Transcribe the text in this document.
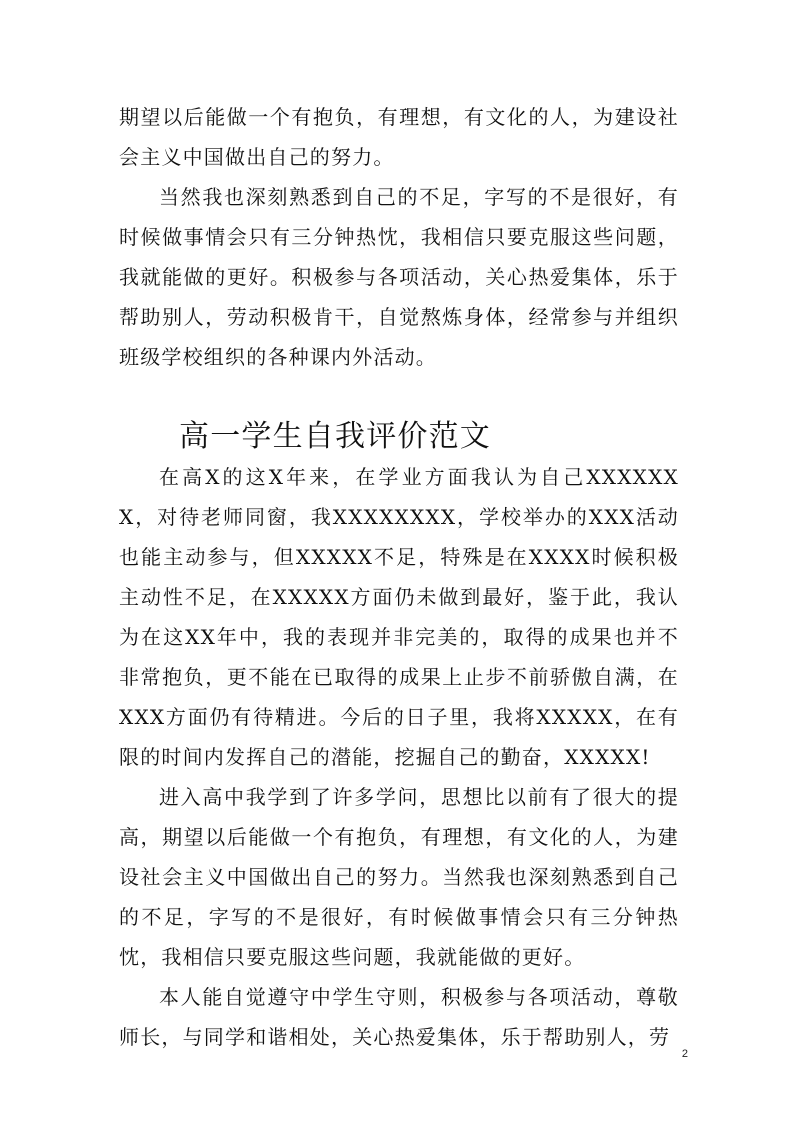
期望以后能做一个有抱负，有理想，有文化的人，为建设社会主义中国做出自己的努力。

当然我也深刻熟悉到自己的不足，字写的不是很好，有时候做事情会只有三分钟热忱，我相信只要克服这些问题，我就能做的更好。积极参与各项活动，关心热爱集体，乐于帮助别人，劳动积极肯干，自觉熬炼身体，经常参与并组织班级学校组织的各种课内外活动。

高一学生自我评价范文

在高X的这X年来，在学业方面我认为自己XXXXXXX，对待老师同窗，我XXXXXXXX，学校举办的XXX活动也能主动参与，但XXXXX不足，特殊是在XXXX时候积极主动性不足，在XXXXX方面仍未做到最好，鉴于此，我认为在这XX年中，我的表现并非完美的，取得的成果也并不非常抱负，更不能在已取得的成果上止步不前骄傲自满，在XXX方面仍有待精进。今后的日子里，我将XXXXX，在有限的时间内发挥自己的潜能，挖掘自己的勤奋，XXXXX!

进入高中我学到了许多学问，思想比以前有了很大的提高，期望以后能做一个有抱负，有理想，有文化的人，为建设社会主义中国做出自己的努力。当然我也深刻熟悉到自己的不足，字写的不是很好，有时候做事情会只有三分钟热忱，我相信只要克服这些问题，我就能做的更好。

本人能自觉遵守中学生守则，积极参与各项活动，尊敬师长，与同学和谐相处，关心热爱集体，乐于帮助别人，劳

2
